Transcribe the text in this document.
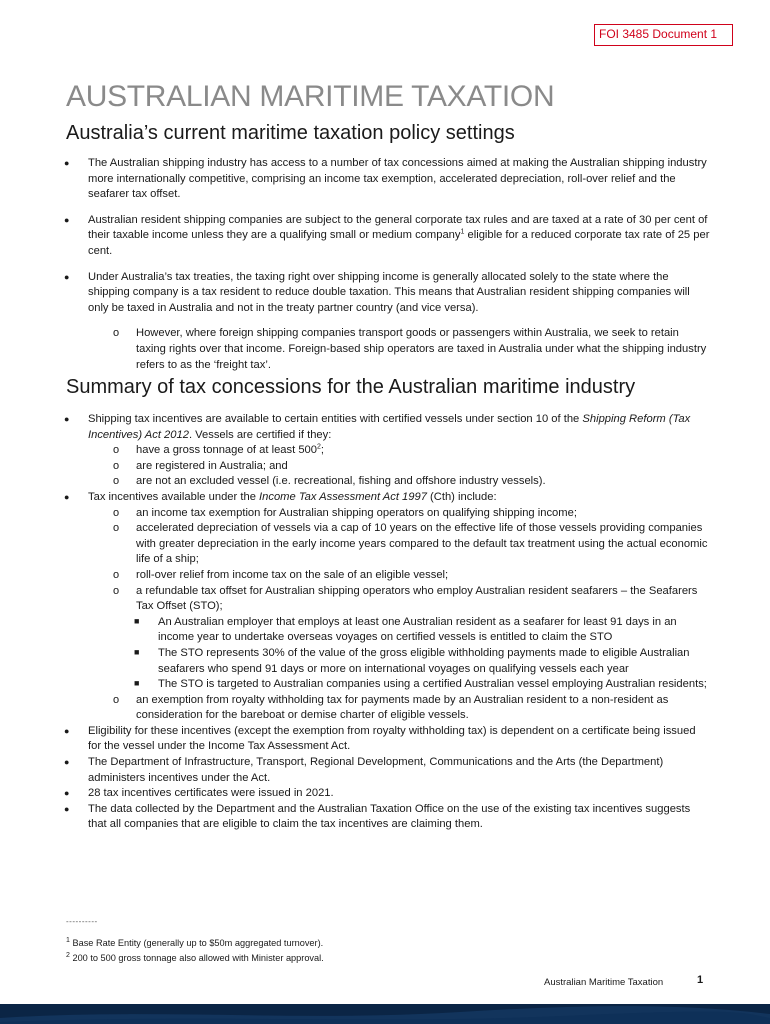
FOI 3485 Document 1
AUSTRALIAN MARITIME TAXATION
Australia’s current maritime taxation policy settings
● The Australian shipping industry has access to a number of tax concessions aimed at making the Australian shipping industry more internationally competitive, comprising an income tax exemption, accelerated depreciation, roll-over relief and the seafarer tax offset.
● Australian resident shipping companies are subject to the general corporate tax rules and are taxed at a rate of 30 per cent of their taxable income unless they are a qualifying small or medium company$^1$ eligible for a reduced corporate tax rate of 25 per cent.
● Under Australia’s tax treaties, the taxing right over shipping income is generally allocated solely to the state where the shipping company is a tax resident to reduce double taxation. This means that Australian resident shipping companies will only be taxed in Australia and not in the treaty partner country (and vice versa).
o However, where foreign shipping companies transport goods or passengers within Australia, we seek to retain taxing rights over that income. Foreign-based ship operators are taxed in Australia under what the shipping industry refers to as the ‘freight tax’.
Summary of tax concessions for the Australian maritime industry
● Shipping tax incentives are available to certain entities with certified vessels under section 10 of the Shipping Reform (Tax Incentives) Act 2012. Vessels are certified if they:
o have a gross tonnage of at least $500^2$;
o are registered in Australia; and
o are not an excluded vessel (i.e. recreational, fishing and offshore industry vessels).
● Tax incentives available under the Income Tax Assessment Act 1997 (Cth) include:
o an income tax exemption for Australian shipping operators on qualifying shipping income;
o accelerated depreciation of vessels via a cap of 10 years on the effective life of those vessels providing companies with greater depreciation in the early income years compared to the default tax treatment using the actual economic life of a ship;
o roll-over relief from income tax on the sale of an eligible vessel;
o a refundable tax offset for Australian shipping operators who employ Australian resident seafarers – the Seafarers Tax Offset (STO);
■ An Australian employer that employs at least one Australian resident as a seafarer for least 91 days in an income year to undertake overseas voyages on certified vessels is entitled to claim the STO
■ The STO represents 30% of the value of the gross eligible withholding payments made to eligible Australian seafarers who spend 91 days or more on international voyages on qualifying vessels each year
■ The STO is targeted to Australian companies using a certified Australian vessel employing Australian residents;
o an exemption from royalty withholding tax for payments made by an Australian resident to a non-resident as consideration for the bareboat or demise charter of eligible vessels.
● Eligibility for these incentives (except the exemption from royalty withholding tax) is dependent on a certificate being issued for the vessel under the Income Tax Assessment Act.
● The Department of Infrastructure, Transport, Regional Development, Communications and the Arts (the Department) administers incentives under the Act.
● 28 tax incentives certificates were issued in 2021.
● The data collected by the Department and the Australian Taxation Office on the use of the existing tax incentives suggests that all companies that are eligible to claim the tax incentives are claiming them.
----------
$^1$ Base Rate Entity (generally up to $50m aggregated turnover).
$^2$ 200 to 500 gross tonnage also allowed with Minister approval.
Australian Maritime Taxation	1
